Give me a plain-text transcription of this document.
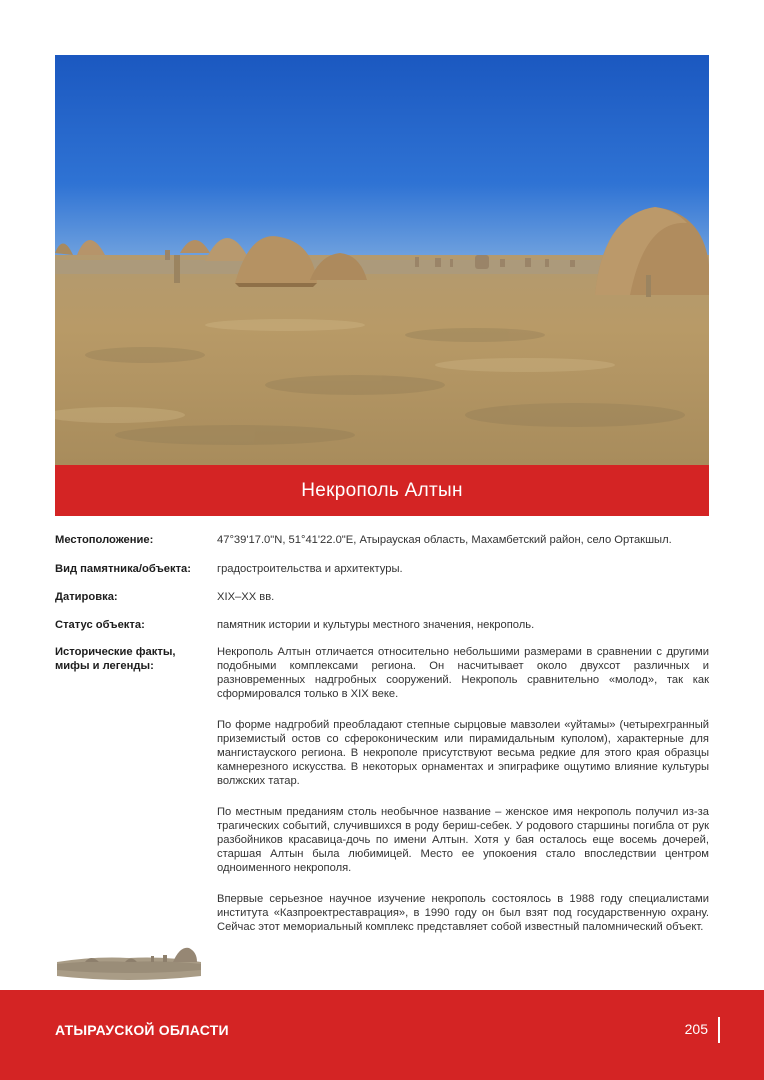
Некрополь Алтын
Местоположение:	47°39'17.0"N, 51°41'22.0"E, Атырауская область, Махамбетский район, село Ортакшыл.
Вид памятника/объекта:	градостроительства и архитектуры.
Датировка:	XIX–XX вв.
Статус объекта:	памятник истории и культуры местного значения, некрополь.
Исторические факты,
мифы и легенды:

Некрополь Алтын отличается относительно небольшими размерами в сравнении с другими подобными комплексами региона. Он насчитывает около двухсот различных и разновременных надгробных сооружений. Некрополь сравнительно «молод», так как сформировался только в XIX веке.

По форме надгробий преобладают степные сырцовые мавзолеи «уйтамы» (четырехгранный приземистый остов со сфероконическим или пирамидальным куполом), характерные для мангистауского региона. В некрополе присутствуют весьма редкие для этого края образцы камнерезного искусства. В некоторых орнаментах и эпиграфике ощутимо влияние культуры волжских татар.

По местным преданиям столь необычное название – женское имя некрополь получил из-за трагических событий, случившихся в роду бериш-себек. У родового старшины погибла от рук разбойников красавица-дочь по имени Алтын. Хотя у бая осталось еще восемь дочерей, старшая Алтын была любимицей. Место ее упокоения стало впоследствии центром одноименного некрополя.

Впервые серьезное научное изучение некрополь состоялось в 1988 году специалистами института «Казпроектреставрация», в 1990 году он был взят под государственную охрану. Сейчас этот мемориальный комплекс представляет собой известный паломнический объект.

АТЫРАУСКОЙ ОБЛАСТИ	205
